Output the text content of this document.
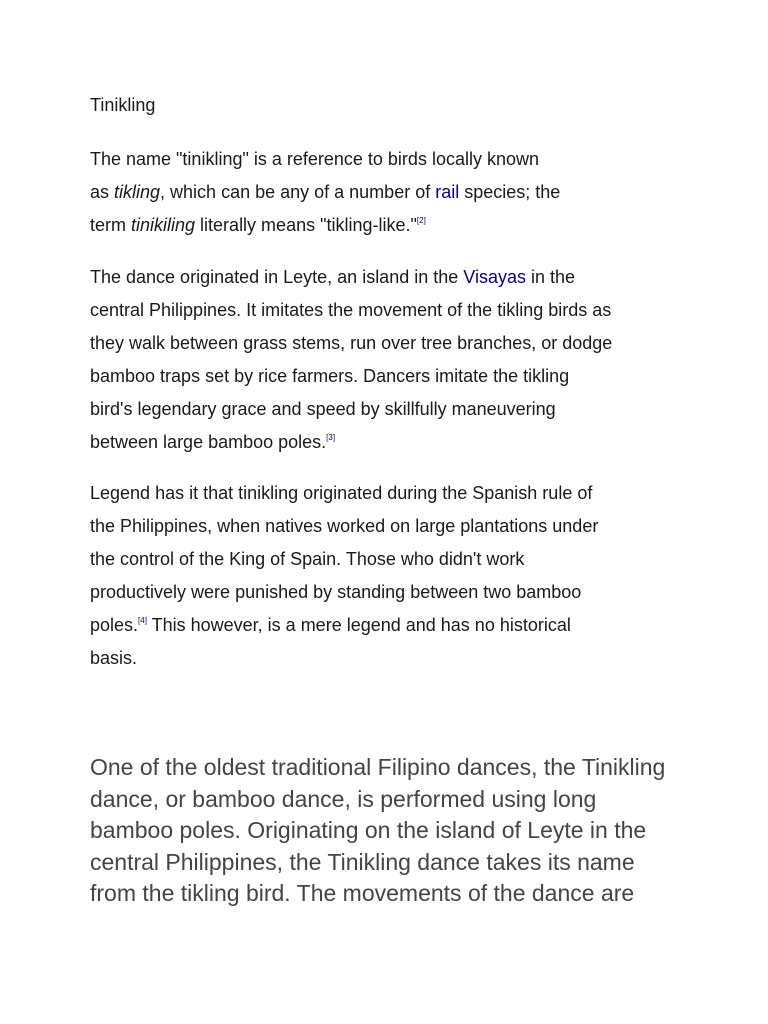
Tinikling

The name "tinikling" is a reference to birds locally known
as tikling, which can be any of a number of rail species; the
term tinikiling literally means "tikling-like."[2]

The dance originated in Leyte, an island in the Visayas in the
central Philippines. It imitates the movement of the tikling birds as
they walk between grass stems, run over tree branches, or dodge
bamboo traps set by rice farmers. Dancers imitate the tikling
bird's legendary grace and speed by skillfully maneuvering
between large bamboo poles.[3]

Legend has it that tinikling originated during the Spanish rule of
the Philippines, when natives worked on large plantations under
the control of the King of Spain. Those who didn't work
productively were punished by standing between two bamboo
poles.[4] This however, is a mere legend and has no historical
basis.

One of the oldest traditional Filipino dances, the Tinikling
dance, or bamboo dance, is performed using long
bamboo poles. Originating on the island of Leyte in the
central Philippines, the Tinikling dance takes its name
from the tikling bird. The movements of the dance are
